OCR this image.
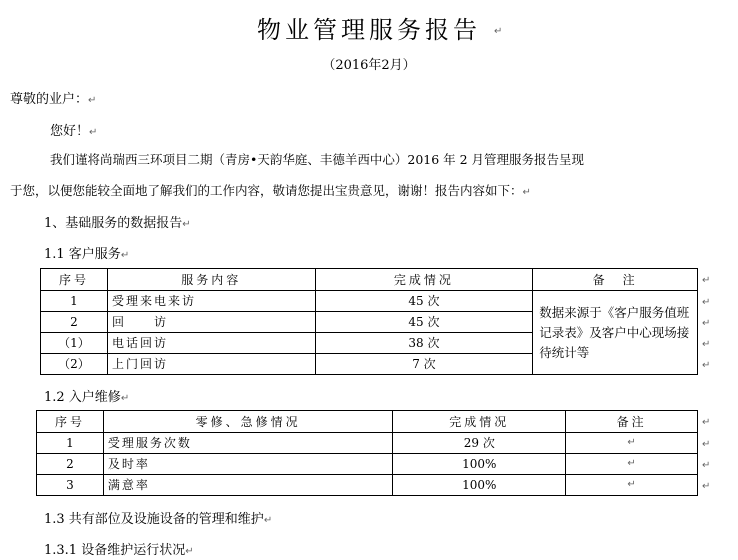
物业管理服务报告	↵
（2016年2月）
尊敬的业户：↵
您好！↵
我们谨将尚瑞西三环项目二期（青房•天韵华庭、丰德羊西中心）2016 年 2 月管理服务报告呈现
于您，以便您能较全面地了解我们的工作内容，敬请您提出宝贵意见，谢谢！报告内容如下：↵
1、基础服务的数据报告↵
1.1 客户服务↵
序号	服务内容	完成情况	备　注
1	受理来电来访	45 次	数据来源于《客户服务值班记录表》及客户中心现场接待统计等
2	回　　访	45 次	
（1）	电话回访	38 次	
（2）	上门回访	7 次	
↵
↵
↵
↵
↵
1.2 入户维修↵
序号	零修、急修情况	完成情况	备注
1	受理服务次数	29 次	↵
2	及时率	100%	↵
3	满意率	100%	↵
↵
↵
↵
↵
1.3 共有部位及设施设备的管理和维护↵
1.3.1 设备维护运行状况↵
